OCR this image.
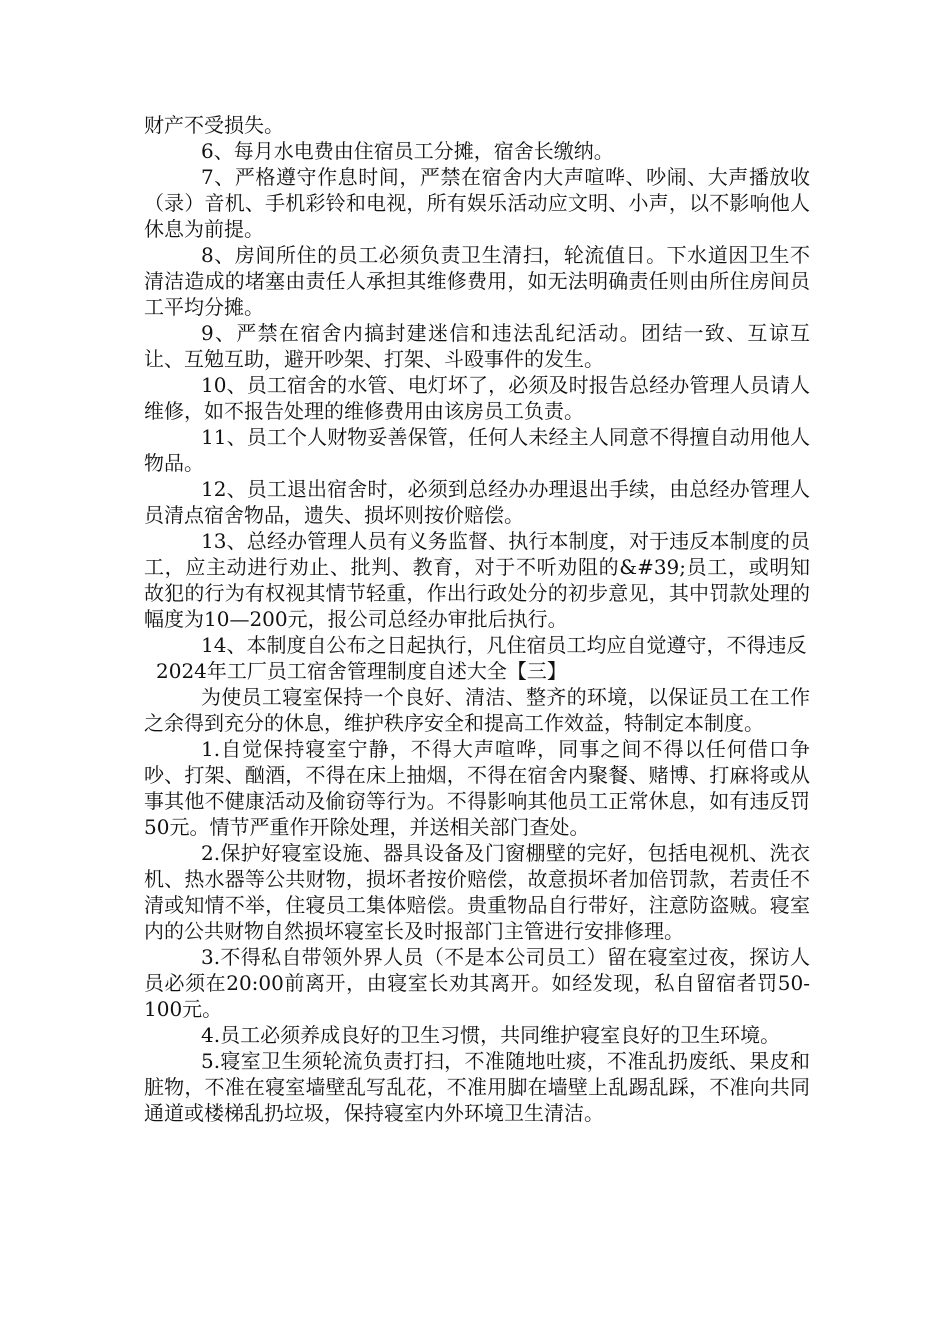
财产不受损失。

6、每月水电费由住宿员工分摊，宿舍长缴纳。

7、严格遵守作息时间，严禁在宿舍内大声喧哗、吵闹、大声播放收（录）音机、手机彩铃和电视，所有娱乐活动应文明、小声，以不影响他人休息为前提。

8、房间所住的员工必须负责卫生清扫，轮流值日。下水道因卫生不清洁造成的堵塞由责任人承担其维修费用，如无法明确责任则由所住房间员工平均分摊。

9、严禁在宿舍内搞封建迷信和违法乱纪活动。团结一致、互谅互让、互勉互助，避开吵架、打架、斗殴事件的发生。

10、员工宿舍的水管、电灯坏了，必须及时报告总经办管理人员请人维修，如不报告处理的维修费用由该房员工负责。

11、员工个人财物妥善保管，任何人未经主人同意不得擅自动用他人物品。

12、员工退出宿舍时，必须到总经办办理退出手续，由总经办管理人员清点宿舍物品，遗失、损坏则按价赔偿。

13、总经办管理人员有义务监督、执行本制度，对于违反本制度的员工，应主动进行劝止、批判、教育，对于不听劝阻的&#39;员工，或明知故犯的行为有权视其情节轻重，作出行政处分的初步意见，其中罚款处理的幅度为10—200元，报公司总经办审批后执行。

14、本制度自公布之日起执行，凡住宿员工均应自觉遵守，不得违反

2024年工厂员工宿舍管理制度自述大全【三】

为使员工寝室保持一个良好、清洁、整齐的环境，以保证员工在工作之余得到充分的休息，维护秩序安全和提高工作效益，特制定本制度。

1.自觉保持寝室宁静，不得大声喧哗，同事之间不得以任何借口争吵、打架、酗酒，不得在床上抽烟，不得在宿舍内聚餐、赌博、打麻将或从事其他不健康活动及偷窃等行为。不得影响其他员工正常休息，如有违反罚50元。情节严重作开除处理，并送相关部门查处。

2.保护好寝室设施、器具设备及门窗棚壁的完好，包括电视机、洗衣机、热水器等公共财物，损坏者按价赔偿，故意损坏者加倍罚款，若责任不清或知情不举，住寝员工集体赔偿。贵重物品自行带好，注意防盗贼。寝室内的公共财物自然损坏寝室长及时报部门主管进行安排修理。

3.不得私自带领外界人员（不是本公司员工）留在寝室过夜，探访人员必须在20:00前离开，由寝室长劝其离开。如经发现，私自留宿者罚50-100元。

4.员工必须养成良好的卫生习惯，共同维护寝室良好的卫生环境。

5.寝室卫生须轮流负责打扫，不准随地吐痰，不准乱扔废纸、果皮和脏物，不准在寝室墙壁乱写乱花，不准用脚在墙壁上乱踢乱踩，不准向共同通道或楼梯乱扔垃圾，保持寝室内外环境卫生清洁。
